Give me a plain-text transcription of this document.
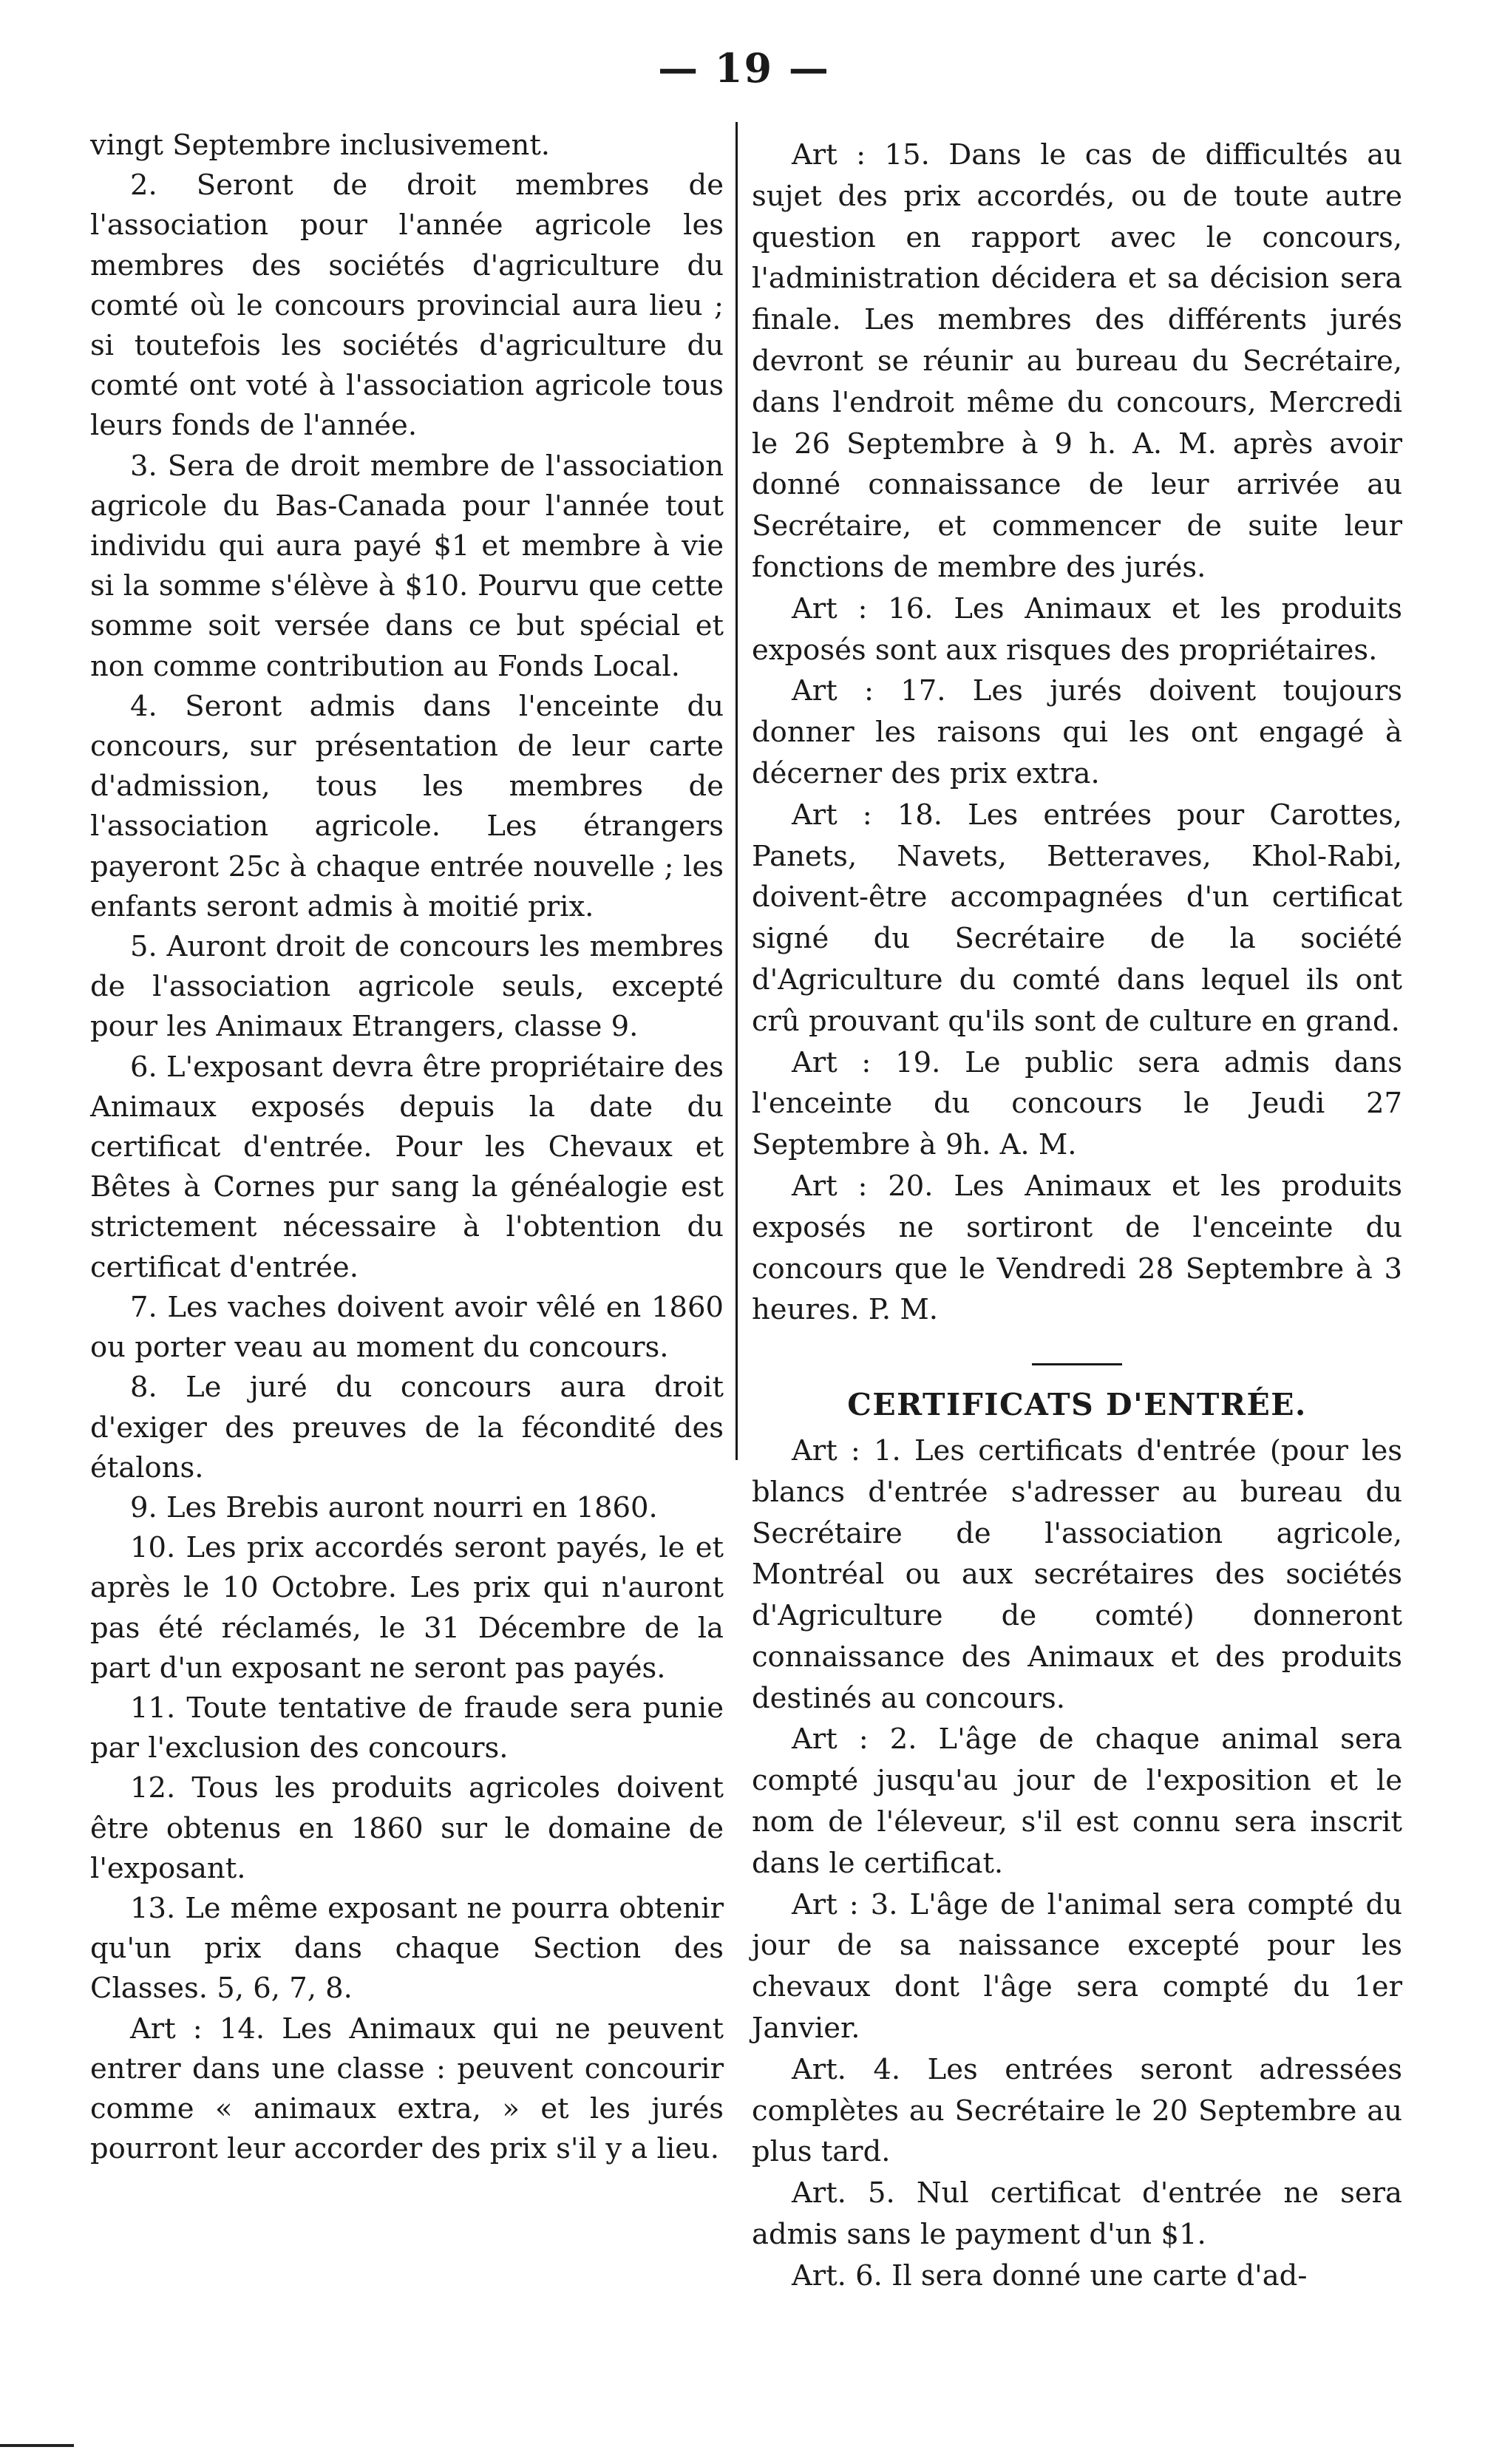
— 19 —

vingt Septembre inclusivement.

2. Seront de droit membres de l'association pour l'année agricole les membres des sociétés d'agriculture du comté où le concours provincial aura lieu ; si toutefois les sociétés d'agriculture du comté ont voté à l'association agricole tous leurs fonds de l'année.

3. Sera de droit membre de l'association agricole du Bas-Canada pour l'année tout individu qui aura payé $1 et membre à vie si la somme s'élève à $10. Pourvu que cette somme soit versée dans ce but spécial et non comme contribution au Fonds Local.

4. Seront admis dans l'enceinte du concours, sur présentation de leur carte d'admission, tous les membres de l'association agricole. Les étrangers payeront 25c à chaque entrée nouvelle ; les enfants seront admis à moitié prix.

5. Auront droit de concours les membres de l'association agricole seuls, excepté pour les Animaux Etrangers, classe 9.

6. L'exposant devra être propriétaire des Animaux exposés depuis la date du certificat d'entrée. Pour les Chevaux et Bêtes à Cornes pur sang la généalogie est strictement nécessaire à l'obtention du certificat d'entrée.

7. Les vaches doivent avoir vêlé en 1860 ou porter veau au moment du concours.

8. Le juré du concours aura droit d'exiger des preuves de la fécondité des étalons.

9. Les Brebis auront nourri en 1860.

10. Les prix accordés seront payés, le et après le 10 Octobre. Les prix qui n'auront pas été réclamés, le 31 Décembre de la part d'un exposant ne seront pas payés.

11. Toute tentative de fraude sera punie par l'exclusion des concours.

12. Tous les produits agricoles doivent être obtenus en 1860 sur le domaine de l'exposant.

13. Le même exposant ne pourra obtenir qu'un prix dans chaque Section des Classes. 5, 6, 7, 8.

Art : 14. Les Animaux qui ne peuvent entrer dans une classe : peuvent concourir comme « animaux extra, » et les jurés pourront leur accorder des prix s'il y a lieu.

Art : 15. Dans le cas de difficultés au sujet des prix accordés, ou de toute autre question en rapport avec le concours, l'administration décidera et sa décision sera finale. Les membres des différents jurés devront se réunir au bureau du Secrétaire, dans l'endroit même du concours, Mercredi le 26 Septembre à 9 h. A. M. après avoir donné connaissance de leur arrivée au Secrétaire, et commencer de suite leur fonctions de membre des jurés.

Art : 16. Les Animaux et les produits exposés sont aux risques des propriétaires.

Art : 17. Les jurés doivent toujours donner les raisons qui les ont engagé à décerner des prix extra.

Art : 18. Les entrées pour Carottes, Panets, Navets, Betteraves, Khol-Rabi, doivent-être accompagnées d'un certificat signé du Secrétaire de la société d'Agriculture du comté dans lequel ils ont crû prouvant qu'ils sont de culture en grand.

Art : 19. Le public sera admis dans l'enceinte du concours le Jeudi 27 Septembre à 9h. A. M.

Art : 20. Les Animaux et les produits exposés ne sortiront de l'enceinte du concours que le Vendredi 28 Septembre à 3 heures. P. M.

CERTIFICATS D'ENTRÉE.

Art : 1. Les certificats d'entrée (pour les blancs d'entrée s'adresser au bureau du Secrétaire de l'association agricole, Montréal ou aux secrétaires des sociétés d'Agriculture de comté) donneront connaissance des Animaux et des produits destinés au concours.

Art : 2. L'âge de chaque animal sera compté jusqu'au jour de l'exposition et le nom de l'éleveur, s'il est connu sera inscrit dans le certificat.

Art : 3. L'âge de l'animal sera compté du jour de sa naissance excepté pour les chevaux dont l'âge sera compté du 1er Janvier.

Art. 4. Les entrées seront adressées complètes au Secrétaire le 20 Septembre au plus tard.

Art. 5. Nul certificat d'entrée ne sera admis sans le payment d'un $1.

Art. 6. Il sera donné une carte d'ad-
